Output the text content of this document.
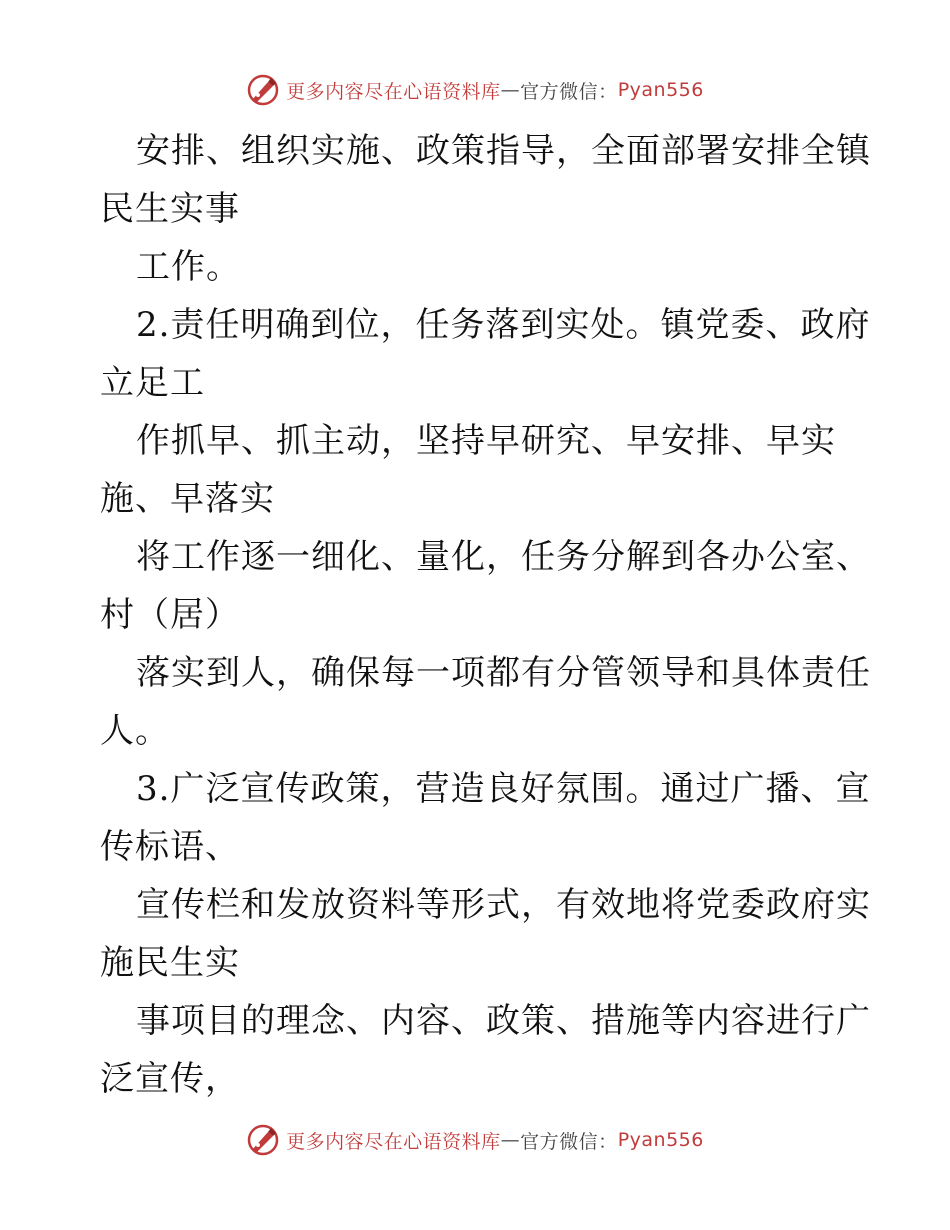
更多内容尽在心语资料库 — 官方微信： Pyan556
安排、组织实施、政策指导，全面部署安排全镇
民生实事
工作。
2.责任明确到位，任务落到实处。镇党委、政府
立足工
作抓早、抓主动，坚持早研究、早安排、早实
施、早落实
将工作逐一细化、量化，任务分解到各办公室、
村（居）
落实到人，确保每一项都有分管领导和具体责任
人。
3.广泛宣传政策，营造良好氛围。通过广播、宣
传标语、
宣传栏和发放资料等形式，有效地将党委政府实
施民生实
事项目的理念、内容、政策、措施等内容进行广
泛宣传，
更多内容尽在心语资料库 — 官方微信： Pyan556
